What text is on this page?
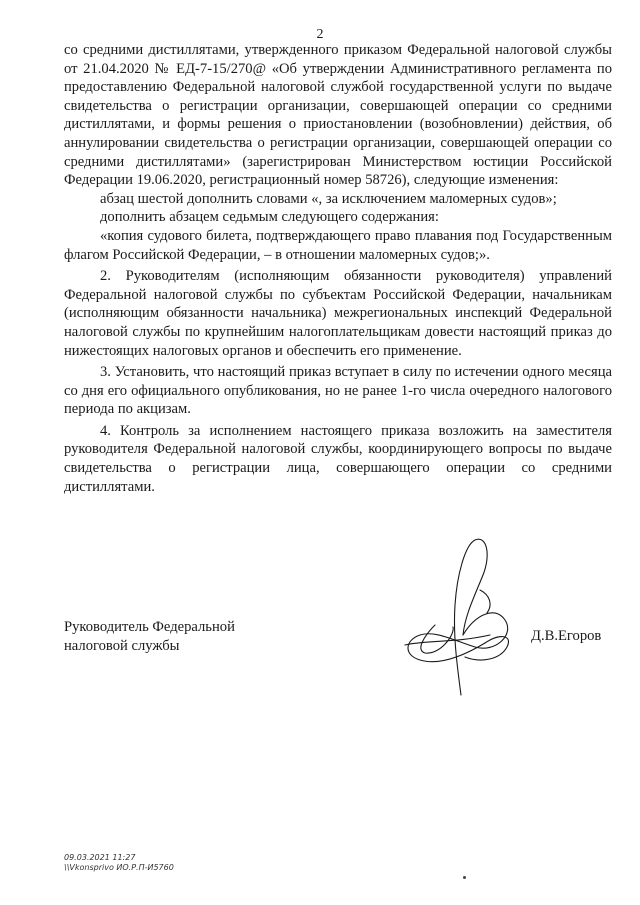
2

со средними дистиллятами, утвержденного приказом Федеральной налоговой службы от 21.04.2020 № ЕД-7-15/270@ «Об утверждении Административного регламента по предоставлению Федеральной налоговой службой государственной услуги по выдаче свидетельства о регистрации организации, совершающей операции со средними дистиллятами, и формы решения о приостановлении (возобновлении) действия, об аннулировании свидетельства о регистрации организации, совершающей операции со средними дистиллятами» (зарегистрирован Министерством юстиции Российской Федерации 19.06.2020, регистрационный номер 58726), следующие изменения:

абзац шестой дополнить словами «, за исключением маломерных судов»;

дополнить абзацем седьмым следующего содержания:

«копия судового билета, подтверждающего право плавания под Государственным флагом Российской Федерации, – в отношении маломерных судов;».

2. Руководителям (исполняющим обязанности руководителя) управлений Федеральной налоговой службы по субъектам Российской Федерации, начальникам (исполняющим обязанности начальника) межрегиональных инспекций Федеральной налоговой службы по крупнейшим налогоплательщикам довести настоящий приказ до нижестоящих налоговых органов и обеспечить его применение.

3. Установить, что настоящий приказ вступает в силу по истечении одного месяца со дня его официального опубликования, но не ранее 1-го числа очередного налогового периода по акцизам.

4. Контроль за исполнением настоящего приказа возложить на заместителя руководителя Федеральной налоговой службы, координирующего вопросы по выдаче свидетельства о регистрации лица, совершающего операции со средними дистиллятами.

Руководитель Федеральной
налоговой службы
Д.В.Егоров
09.03.2021 11:27
\\Vkonsprivo ИО.Р.П-И5760
